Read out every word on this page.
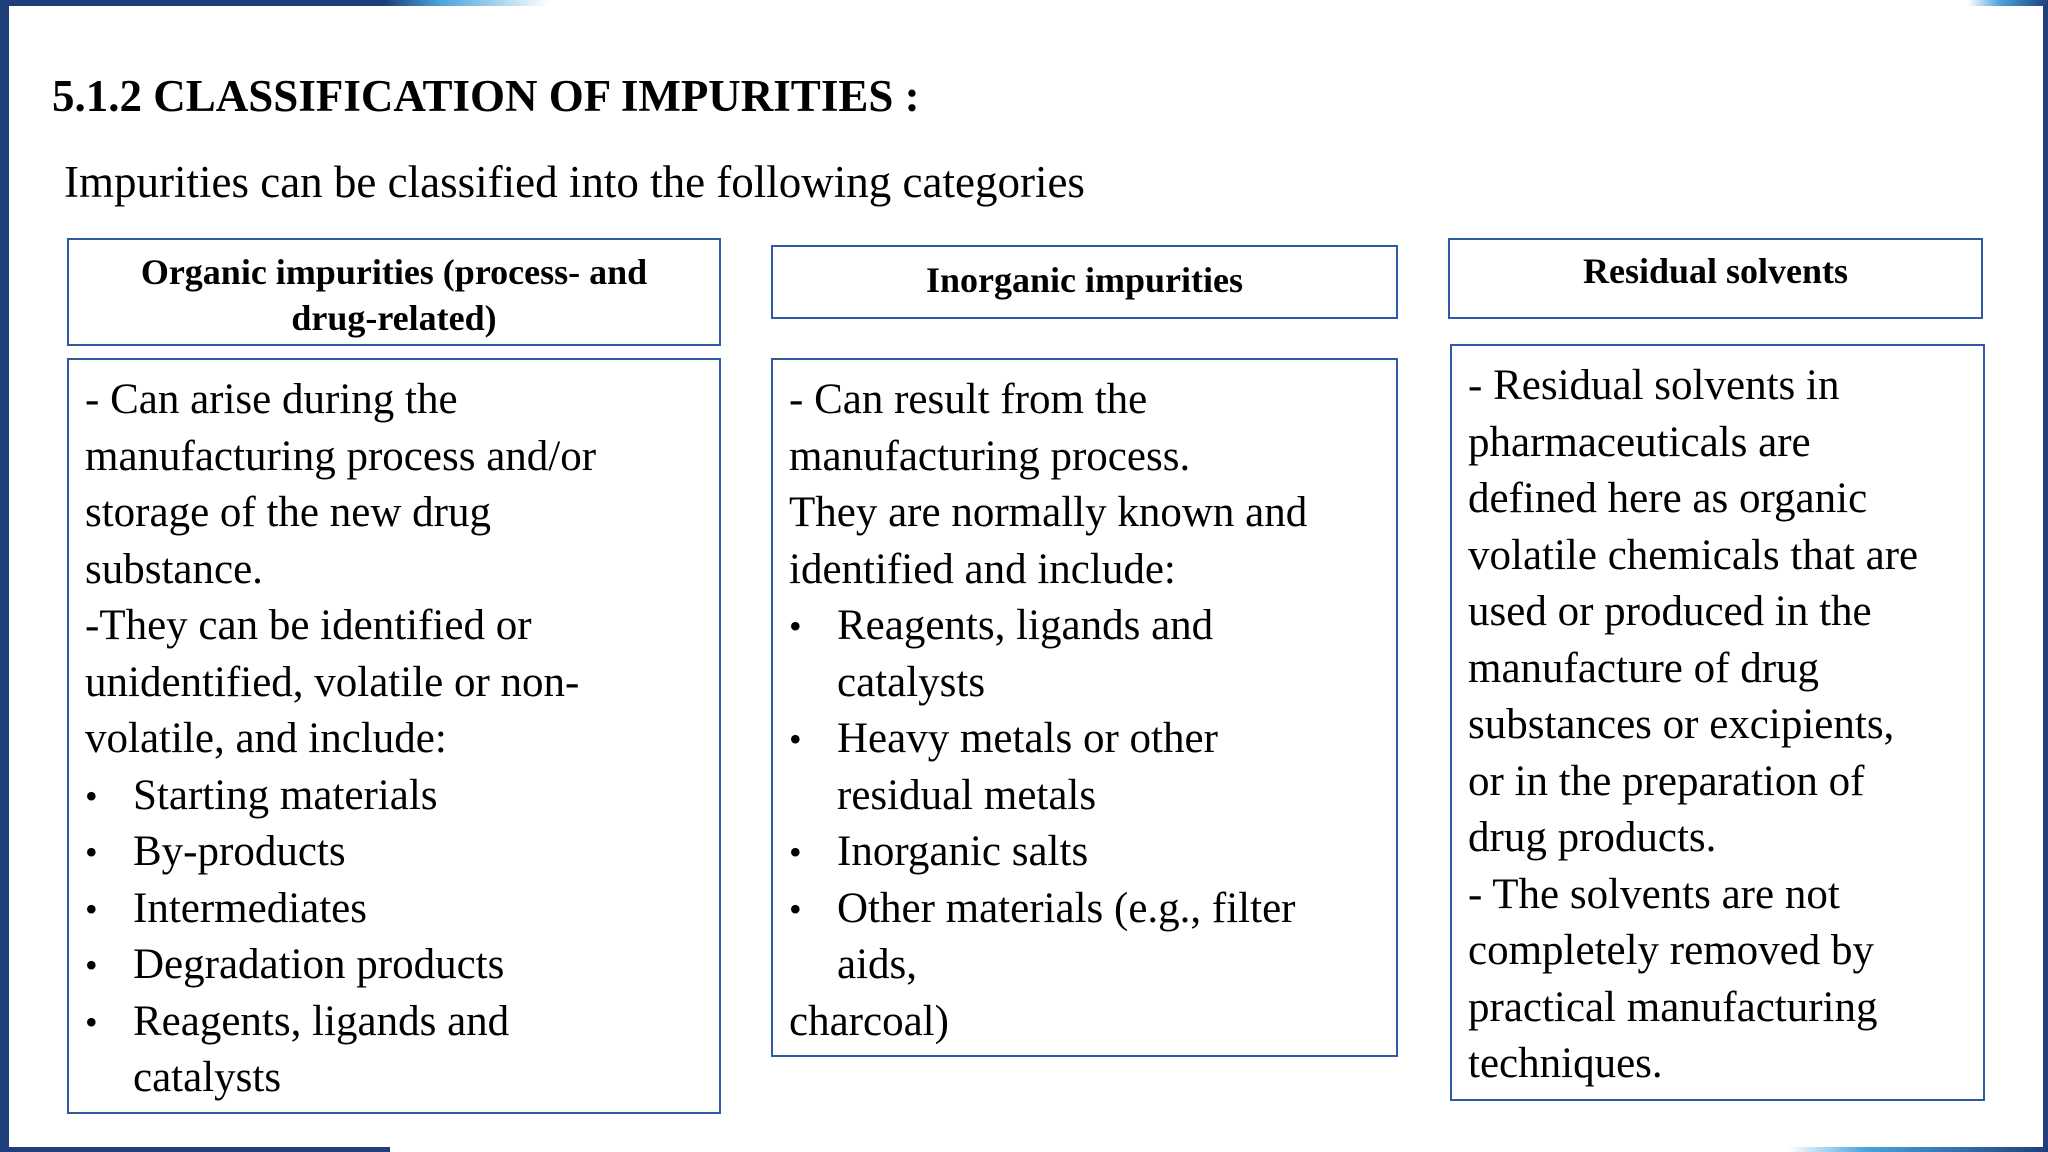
5.1.2 CLASSIFICATION OF IMPURITIES :
Impurities can be classified into the following categories
Organic impurities (process- and
drug-related)
- Can arise during the
manufacturing process and/or
storage of the new drug
substance.
-They can be identified or
unidentified, volatile or non-
volatile, and include:
• Starting materials
• By-products
• Intermediates
• Degradation products
• Reagents, ligands and
catalysts
Inorganic impurities
- Can result from the
manufacturing process.
They are normally known and
identified and include:
• Reagents, ligands and
catalysts
• Heavy metals or other
residual metals
• Inorganic salts
• Other materials (e.g., filter
aids,
charcoal)
Residual solvents
- Residual solvents in
pharmaceuticals are
defined here as organic
volatile chemicals that are
used or produced in the
manufacture of drug
substances or excipients,
or in the preparation of
drug products.
- The solvents are not
completely removed by
practical manufacturing
techniques.
